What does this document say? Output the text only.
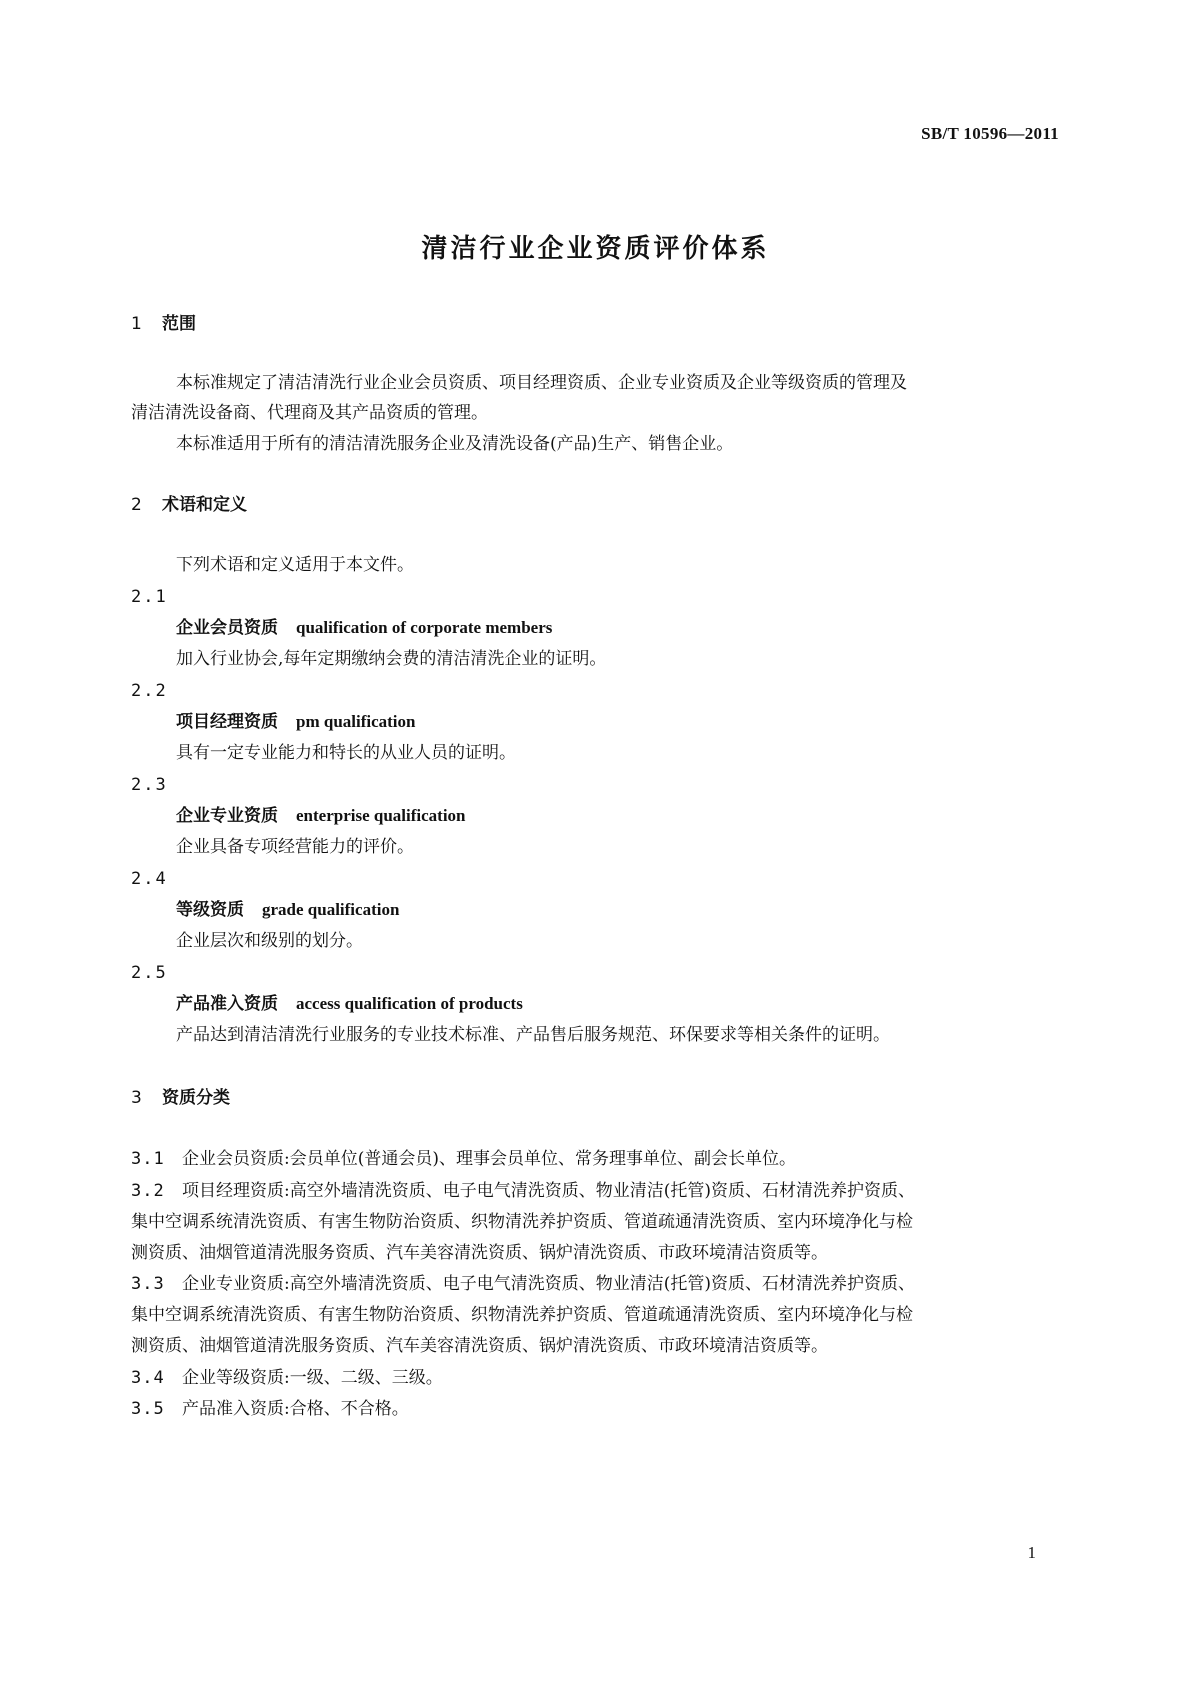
SB/T 10596—2011
清洁行业企业资质评价体系
1 范围
本标准规定了清洁清洗行业企业会员资质、项目经理资质、企业专业资质及企业等级资质的管理及
清洁清洗设备商、代理商及其产品资质的管理。
本标准适用于所有的清洁清洗服务企业及清洗设备(产品)生产、销售企业。
2 术语和定义
下列术语和定义适用于本文件。
2.1
企业会员资质 qualification of corporate members
加入行业协会,每年定期缴纳会费的清洁清洗企业的证明。
2.2
项目经理资质 pm qualification
具有一定专业能力和特长的从业人员的证明。
2.3
企业专业资质 enterprise qualification
企业具备专项经营能力的评价。
2.4
等级资质 grade qualification
企业层次和级别的划分。
2.5
产品准入资质 access qualification of products
产品达到清洁清洗行业服务的专业技术标准、产品售后服务规范、环保要求等相关条件的证明。
3 资质分类
3.1 企业会员资质:会员单位(普通会员)、理事会员单位、常务理事单位、副会长单位。
3.2 项目经理资质:高空外墙清洗资质、电子电气清洗资质、物业清洁(托管)资质、石材清洗养护资质、
集中空调系统清洗资质、有害生物防治资质、织物清洗养护资质、管道疏通清洗资质、室内环境净化与检
测资质、油烟管道清洗服务资质、汽车美容清洗资质、锅炉清洗资质、市政环境清洁资质等。
3.3 企业专业资质:高空外墙清洗资质、电子电气清洗资质、物业清洁(托管)资质、石材清洗养护资质、
集中空调系统清洗资质、有害生物防治资质、织物清洗养护资质、管道疏通清洗资质、室内环境净化与检
测资质、油烟管道清洗服务资质、汽车美容清洗资质、锅炉清洗资质、市政环境清洁资质等。
3.4 企业等级资质:一级、二级、三级。
3.5 产品准入资质:合格、不合格。
1
